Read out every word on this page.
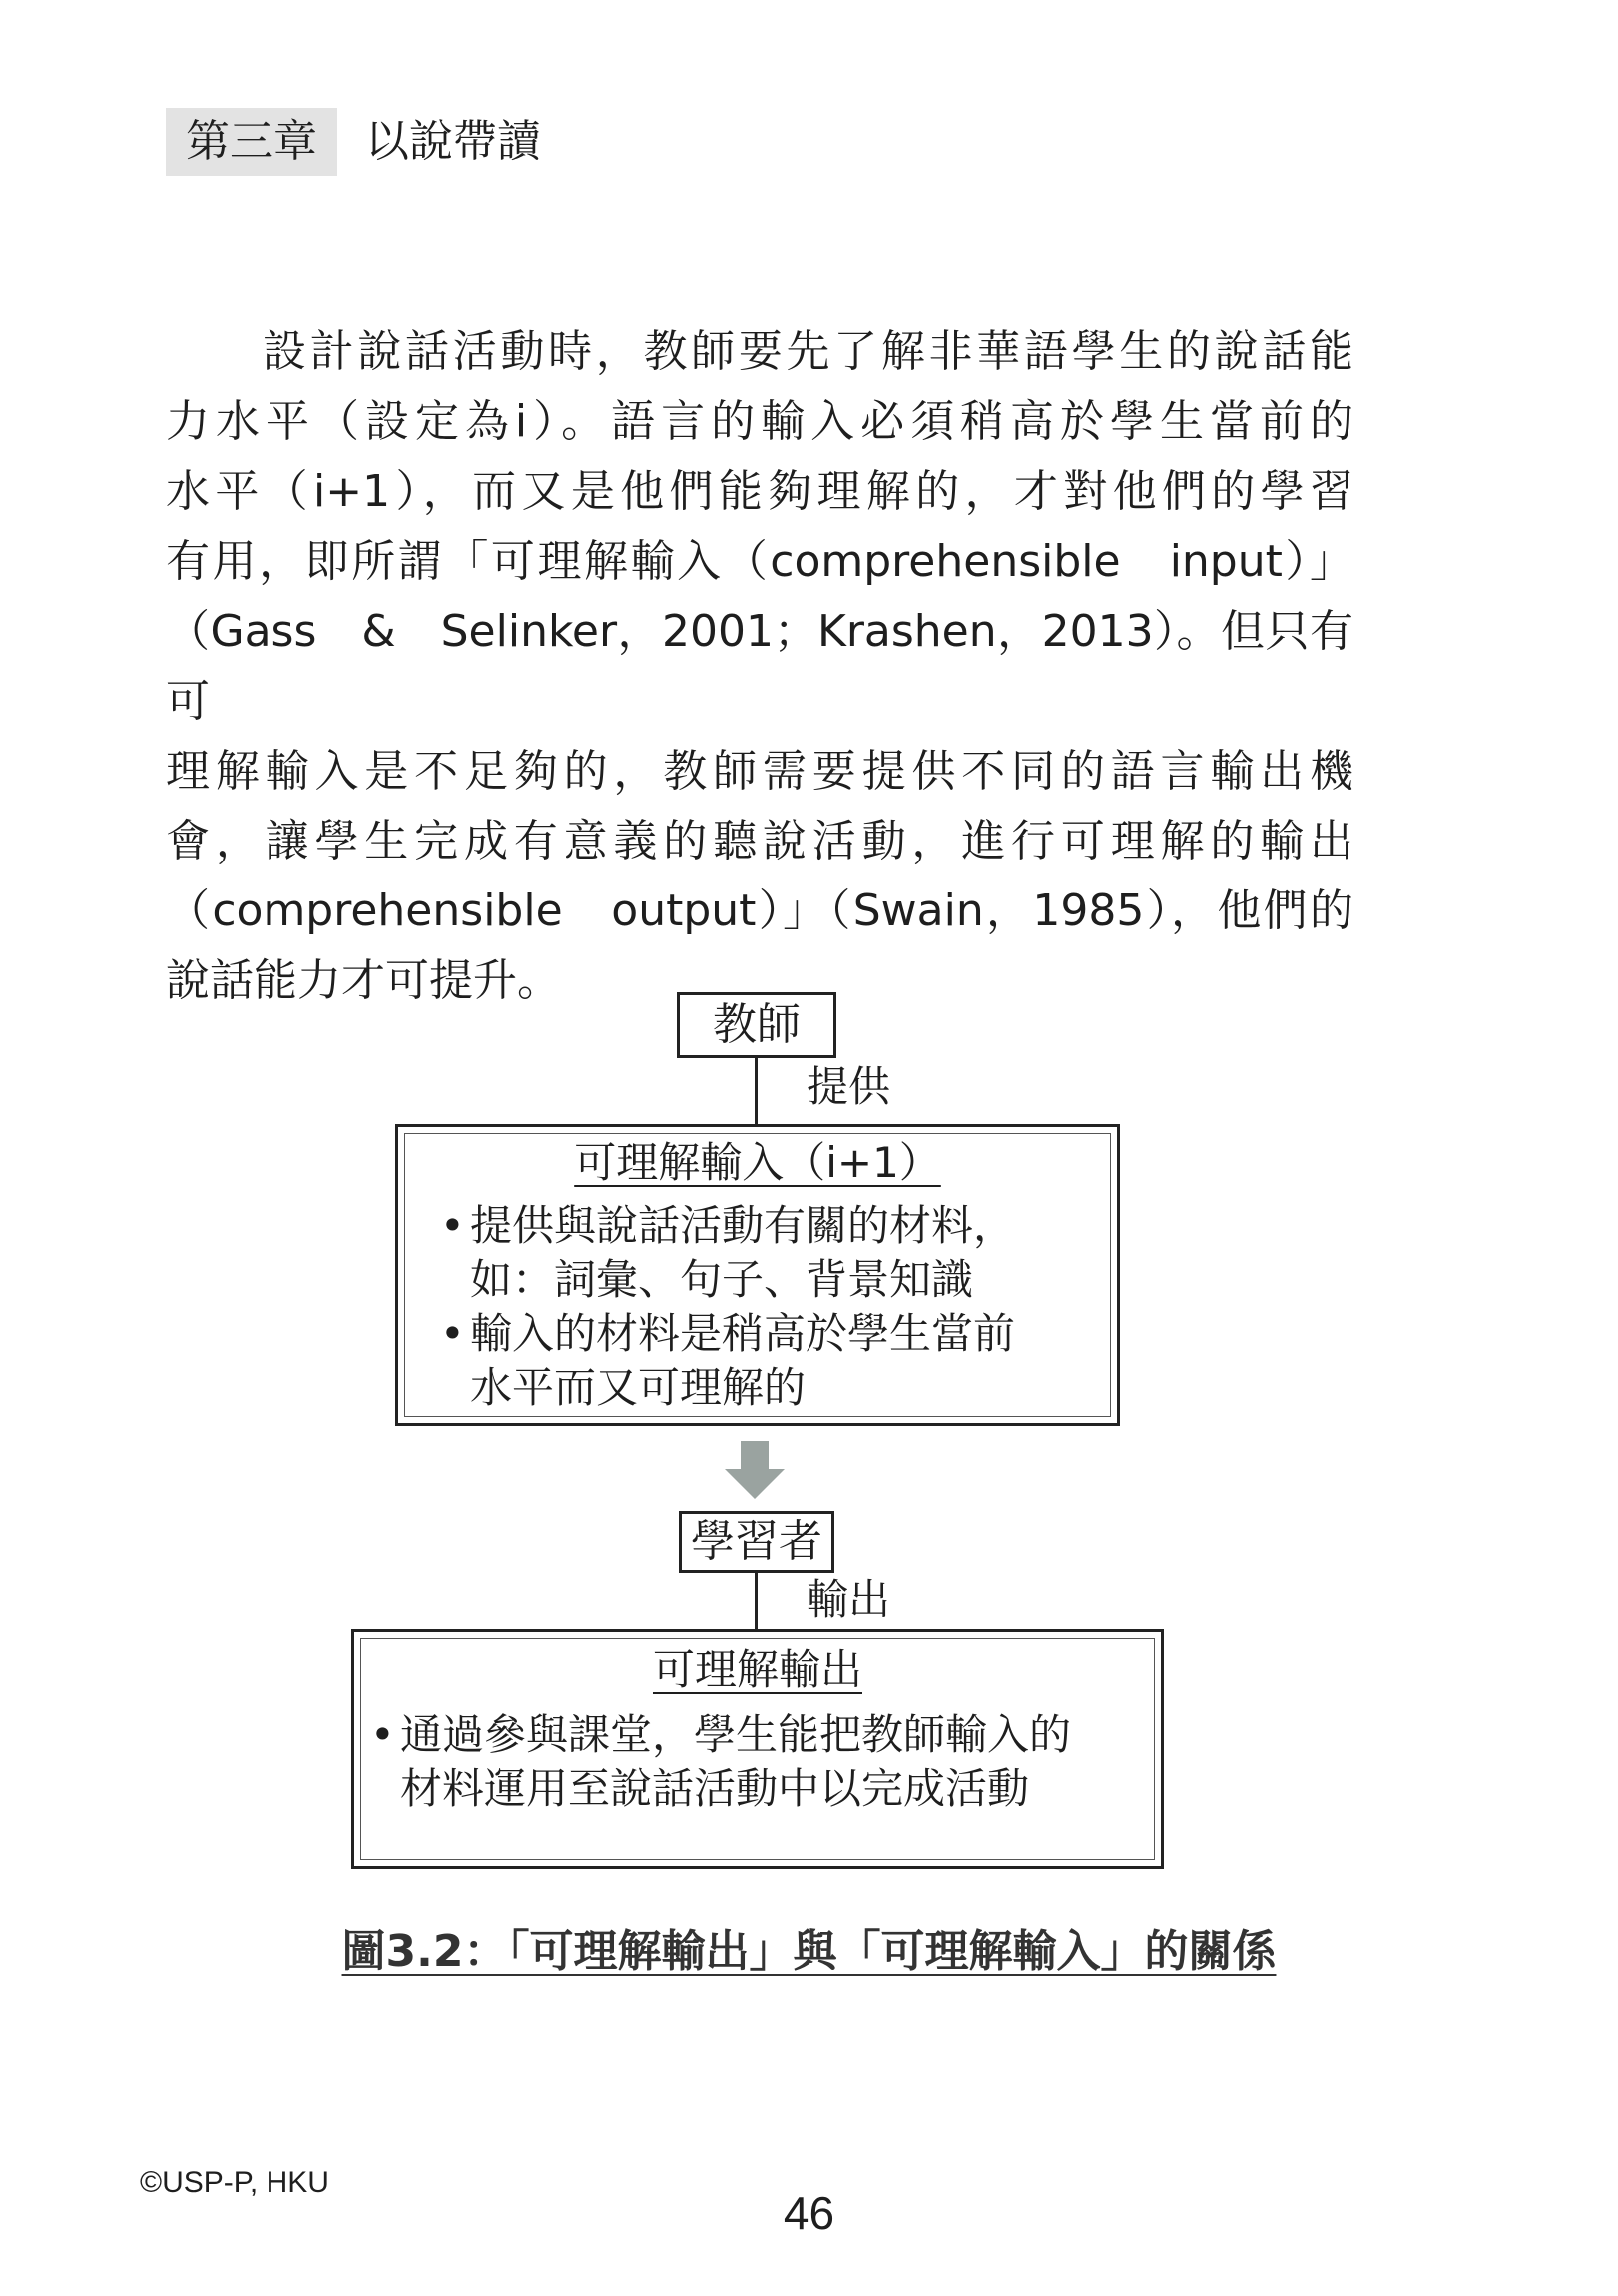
第三章	以說帶讀

設計說話活動時，教師要先了解非華語學生的說話能
力水平（設定為i）。語言的輸入必須稍高於學生當前的
水平（i+1），而又是他們能夠理解的，才對他們的學習
有用，即所謂「可理解輸入（comprehensible　input）」
（Gass　&　Selinker，2001；Krashen，2013）。但只有可
理解輸入是不足夠的，教師需要提供不同的語言輸出機
會，讓學生完成有意義的聽說活動，進行可理解的輸出
（comprehensible　output）」（Swain，1985），他們的
說話能力才可提升。

教師
提供
可理解輸入（i+1）
• 提供與說話活動有關的材料，
如：詞彙、句子、背景知識
• 輸入的材料是稍高於學生當前
水平而又可理解的
學習者
輸出
可理解輸出
• 通過參與課堂，學生能把教師輸入的
材料運用至說話活動中以完成活動
圖3.2：「可理解輸出」與「可理解輸入」的關係
©USP-P, HKU
46
